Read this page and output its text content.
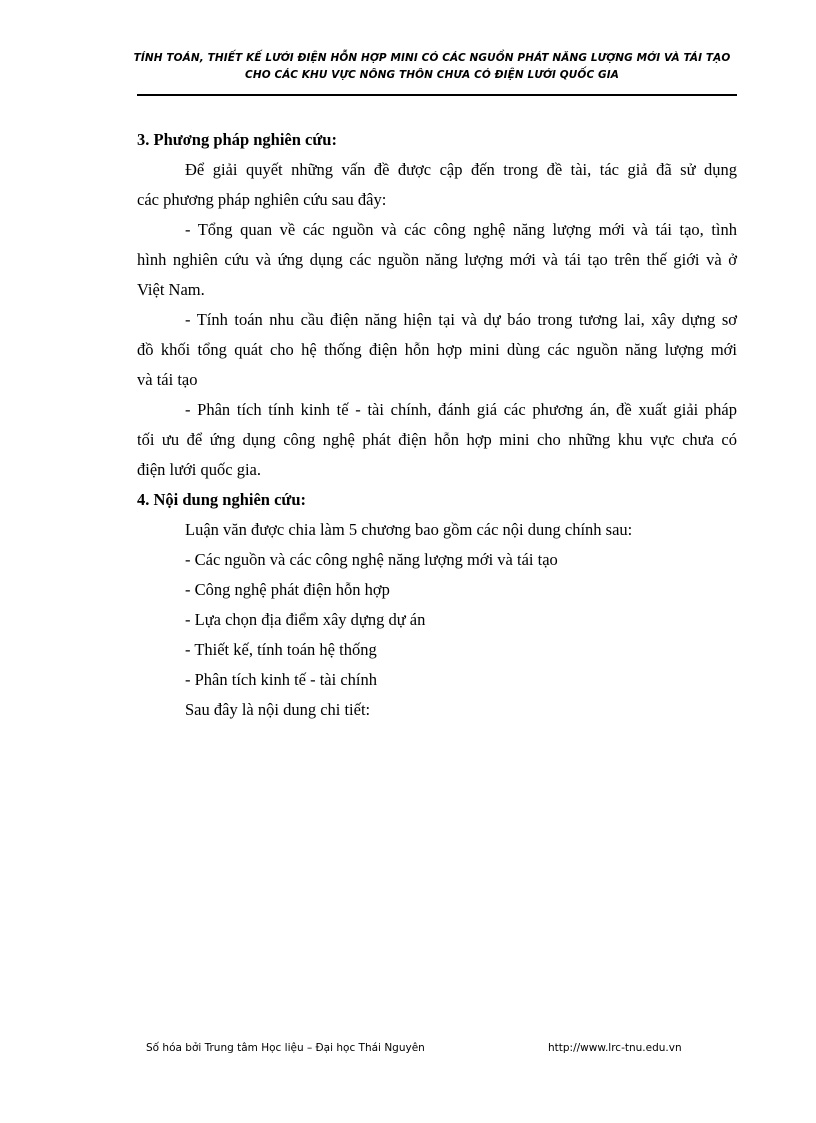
TÍNH TOÁN, THIẾT KẾ LƯỚI ĐIỆN HỖN HỢP MINI CÓ CÁC NGUỒN PHÁT NĂNG LƯỢNG MỚI VÀ TÁI TẠO
CHO CÁC KHU VỰC NÔNG THÔN CHƯA CÓ ĐIỆN LƯỚI QUỐC GIA
3. Phương pháp nghiên cứu:
Để giải quyết những vấn đề được cập đến trong đề tài, tác giả đã sử dụng
các phương pháp nghiên cứu sau đây:
- Tổng quan về các nguồn và các công nghệ năng lượng mới và tái tạo, tình
hình nghiên cứu và ứng dụng các nguồn năng lượng mới và tái tạo trên thế giới và ở
Việt Nam.
- Tính toán nhu cầu điện năng hiện tại và dự báo trong tương lai, xây dựng sơ
đồ khối tổng quát cho hệ thống điện hỗn hợp mini dùng các nguồn năng lượng mới
và tái tạo
- Phân tích tính kinh tế - tài chính, đánh giá các phương án, đề xuất giải pháp
tối ưu để ứng dụng công nghệ phát điện hỗn hợp mini cho những khu vực chưa có
điện lưới quốc gia.
4. Nội dung nghiên cứu:
Luận văn được chia làm 5 chương bao gồm các nội dung chính sau:
- Các nguồn và các công nghệ năng lượng mới và tái tạo
- Công nghệ phát điện hỗn hợp
- Lựa chọn địa điểm xây dựng dự án
- Thiết kế, tính toán hệ thống
- Phân tích kinh tế - tài chính
Sau đây là nội dung chi tiết:
Số hóa bởi Trung tâm Học liệu – Đại học Thái Nguyên	http://www.lrc-tnu.edu.vn
